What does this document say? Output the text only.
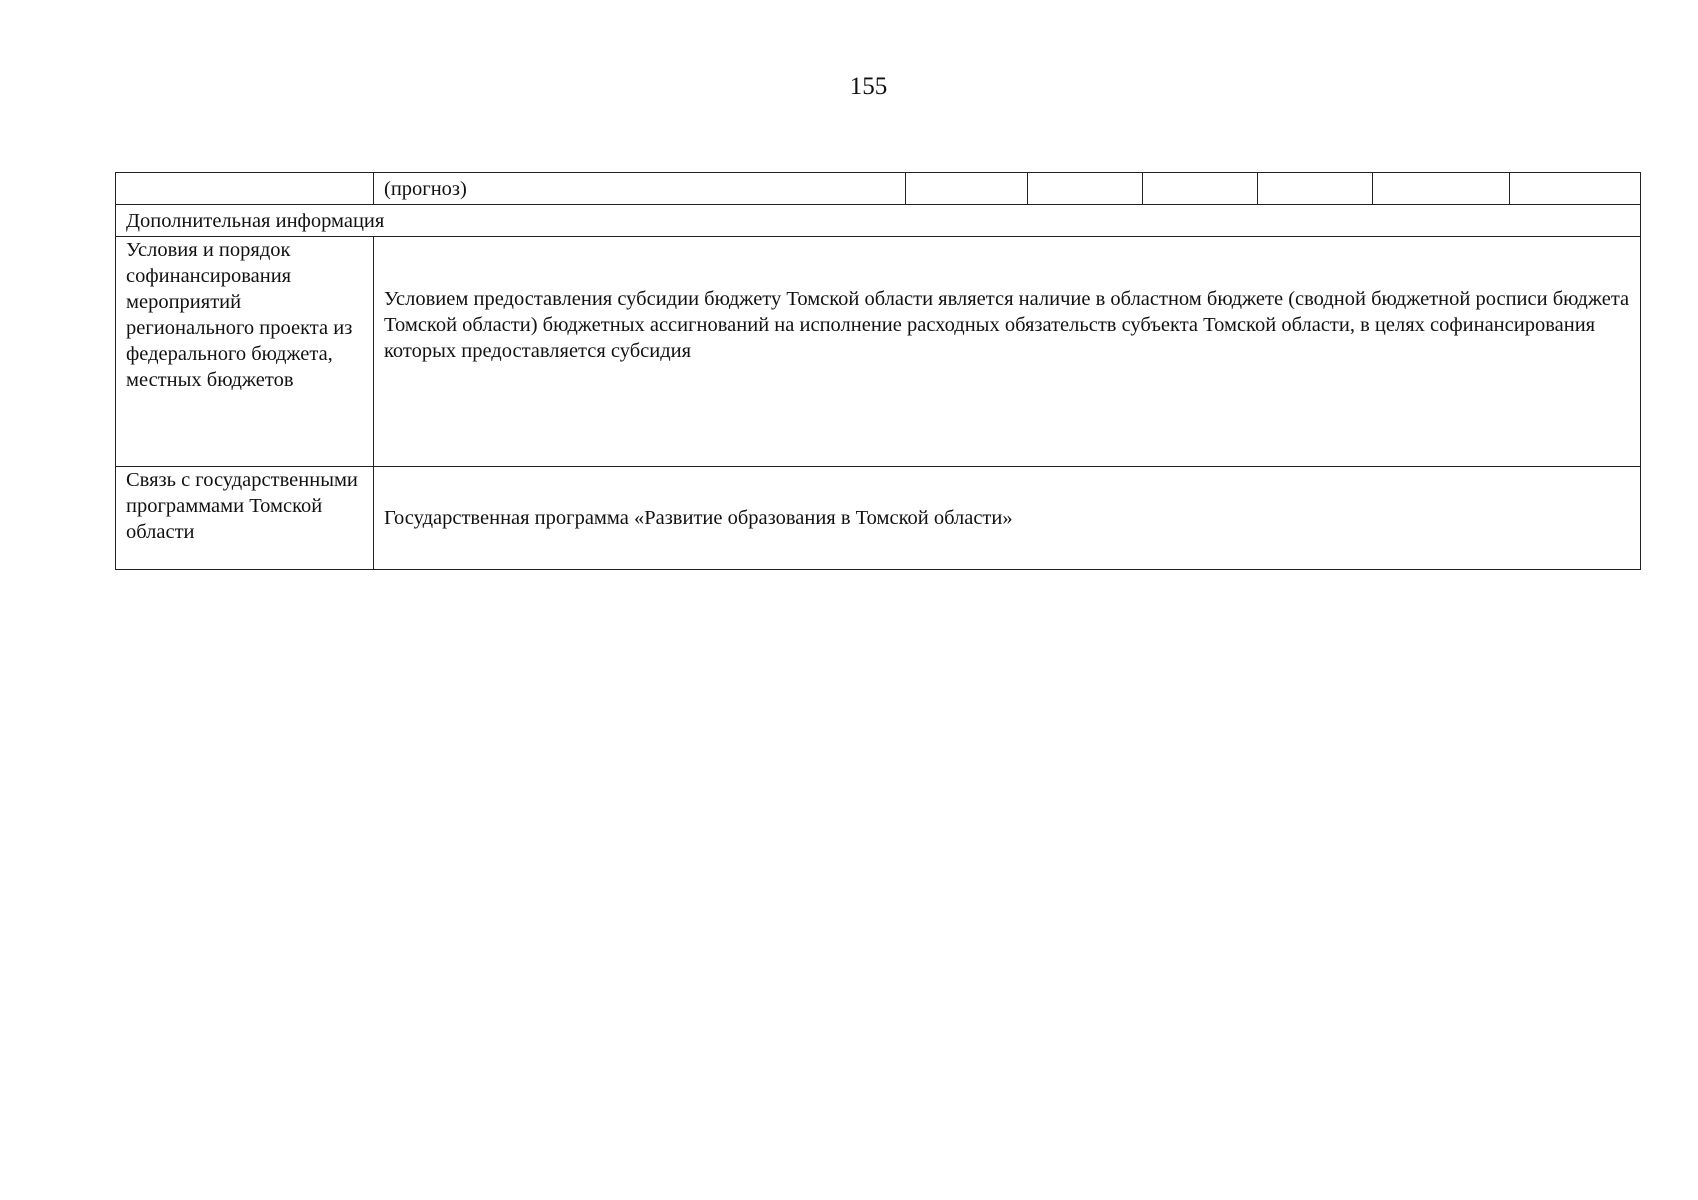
155
	(прогноз)						
Дополнительная информация							
Условия и порядок софинансирования мероприятий регионального проекта из федерального бюджета, местных бюджетов	Условием предоставления субсидии бюджету Томской области является наличие в областном бюджете (сводной бюджетной росписи бюджета Томской области) бюджетных ассигнований на исполнение расходных обязательств субъекта Томской области, в целях софинансирования которых предоставляется субсидия						
Связь с государственными программами Томской области	Государственная программа «Развитие образования в Томской области»						
